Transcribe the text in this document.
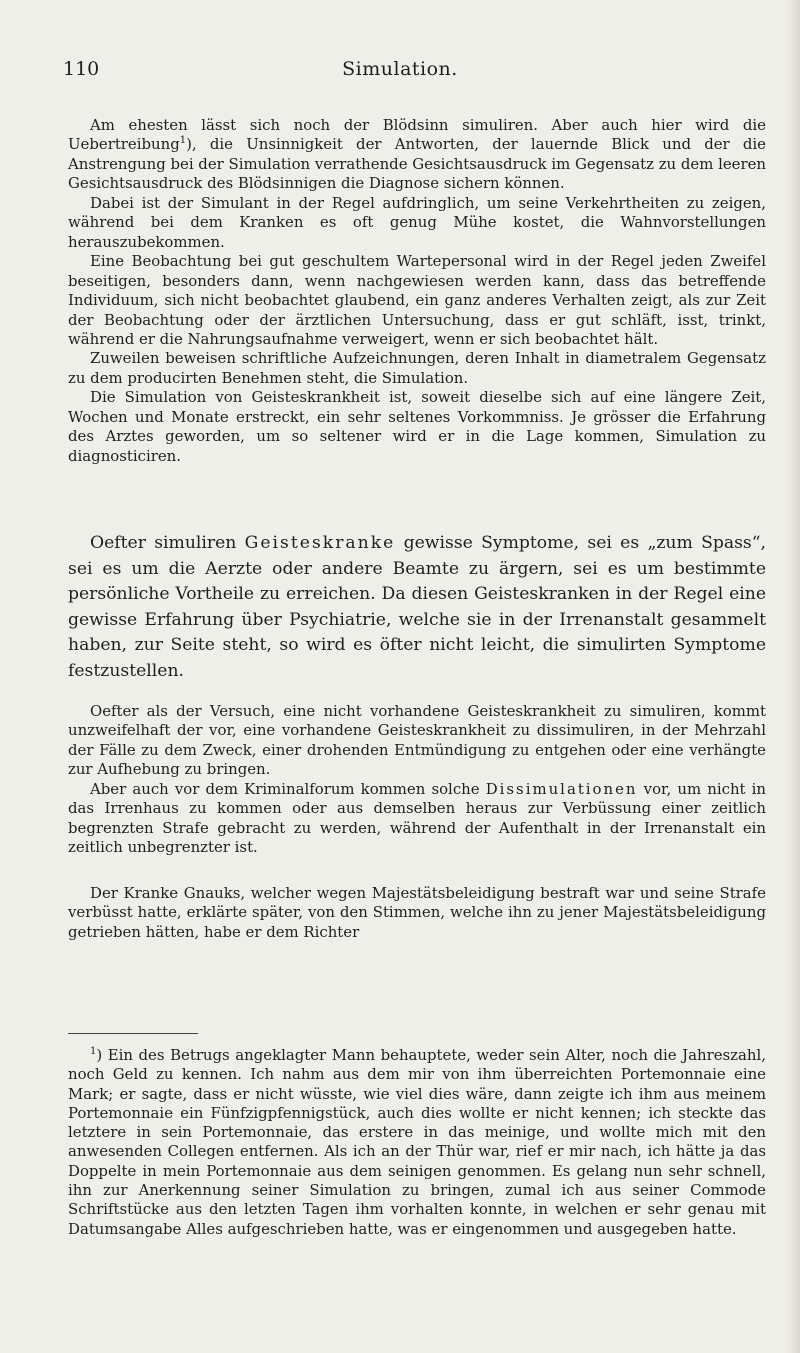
110	Simulation.

Am ehesten lässt sich noch der Blödsinn simuliren. Aber auch hier wird die Uebertreibung$^1$), die Unsinnigkeit der Antworten, der lauernde Blick und der die Anstrengung bei der Simulation verrathende Gesichtsausdruck im Gegensatz zu dem leeren Gesichtsausdruck des Blödsinnigen die Diagnose sichern können.

Dabei ist der Simulant in der Regel aufdringlich, um seine Verkehrtheiten zu zeigen, während bei dem Kranken es oft genug Mühe kostet, die Wahnvorstellungen herauszubekommen.

Eine Beobachtung bei gut geschultem Wartepersonal wird in der Regel jeden Zweifel beseitigen, besonders dann, wenn nachgewiesen werden kann, dass das betreffende Individuum, sich nicht beobachtet glaubend, ein ganz anderes Verhalten zeigt, als zur Zeit der Beobachtung oder der ärztlichen Untersuchung, dass er gut schläft, isst, trinkt, während er die Nahrungsaufnahme verweigert, wenn er sich beobachtet hält.

Zuweilen beweisen schriftliche Aufzeichnungen, deren Inhalt in diametralem Gegensatz zu dem producirten Benehmen steht, die Simulation.

Die Simulation von Geisteskrankheit ist, soweit dieselbe sich auf eine längere Zeit, Wochen und Monate erstreckt, ein sehr seltenes Vorkommniss. Je grösser die Erfahrung des Arztes geworden, um so seltener wird er in die Lage kommen, Simulation zu diagnosticiren.

Oefter simuliren Geisteskranke gewisse Symptome, sei es „zum Spass“, sei es um die Aerzte oder andere Beamte zu ärgern, sei es um bestimmte persönliche Vortheile zu erreichen. Da diesen Geisteskranken in der Regel eine gewisse Erfahrung über Psychiatrie, welche sie in der Irrenanstalt gesammelt haben, zur Seite steht, so wird es öfter nicht leicht, die simulirten Symptome festzustellen.

Oefter als der Versuch, eine nicht vorhandene Geisteskrankheit zu simuliren, kommt unzweifelhaft der vor, eine vorhandene Geisteskrankheit zu dissimuliren, in der Mehrzahl der Fälle zu dem Zweck, einer drohenden Entmündigung zu entgehen oder eine verhängte zur Aufhebung zu bringen.

Aber auch vor dem Kriminalforum kommen solche Dissimulationen vor, um nicht in das Irrenhaus zu kommen oder aus demselben heraus zur Verbüssung einer zeitlich begrenzten Strafe gebracht zu werden, während der Aufenthalt in der Irrenanstalt ein zeitlich unbegrenzter ist.

Der Kranke Gnauks, welcher wegen Majestätsbeleidigung bestraft war und seine Strafe verbüsst hatte, erklärte später, von den Stimmen, welche ihn zu jener Majestätsbeleidigung getrieben hätten, habe er dem Richter

$^1$) Ein des Betrugs angeklagter Mann behauptete, weder sein Alter, noch die Jahreszahl, noch Geld zu kennen. Ich nahm aus dem mir von ihm überreichten Portemonnaie eine Mark; er sagte, dass er nicht wüsste, wie viel dies wäre, dann zeigte ich ihm aus meinem Portemonnaie ein Fünfzigpfennigstück, auch dies wollte er nicht kennen; ich steckte das letztere in sein Portemonnaie, das erstere in das meinige, und wollte mich mit den anwesenden Collegen entfernen. Als ich an der Thür war, rief er mir nach, ich hätte ja das Doppelte in mein Portemonnaie aus dem seinigen genommen. Es gelang nun sehr schnell, ihn zur Anerkennung seiner Simulation zu bringen, zumal ich aus seiner Commode Schriftstücke aus den letzten Tagen ihm vorhalten konnte, in welchen er sehr genau mit Datumsangabe Alles aufgeschrieben hatte, was er eingenommen und ausgegeben hatte.
